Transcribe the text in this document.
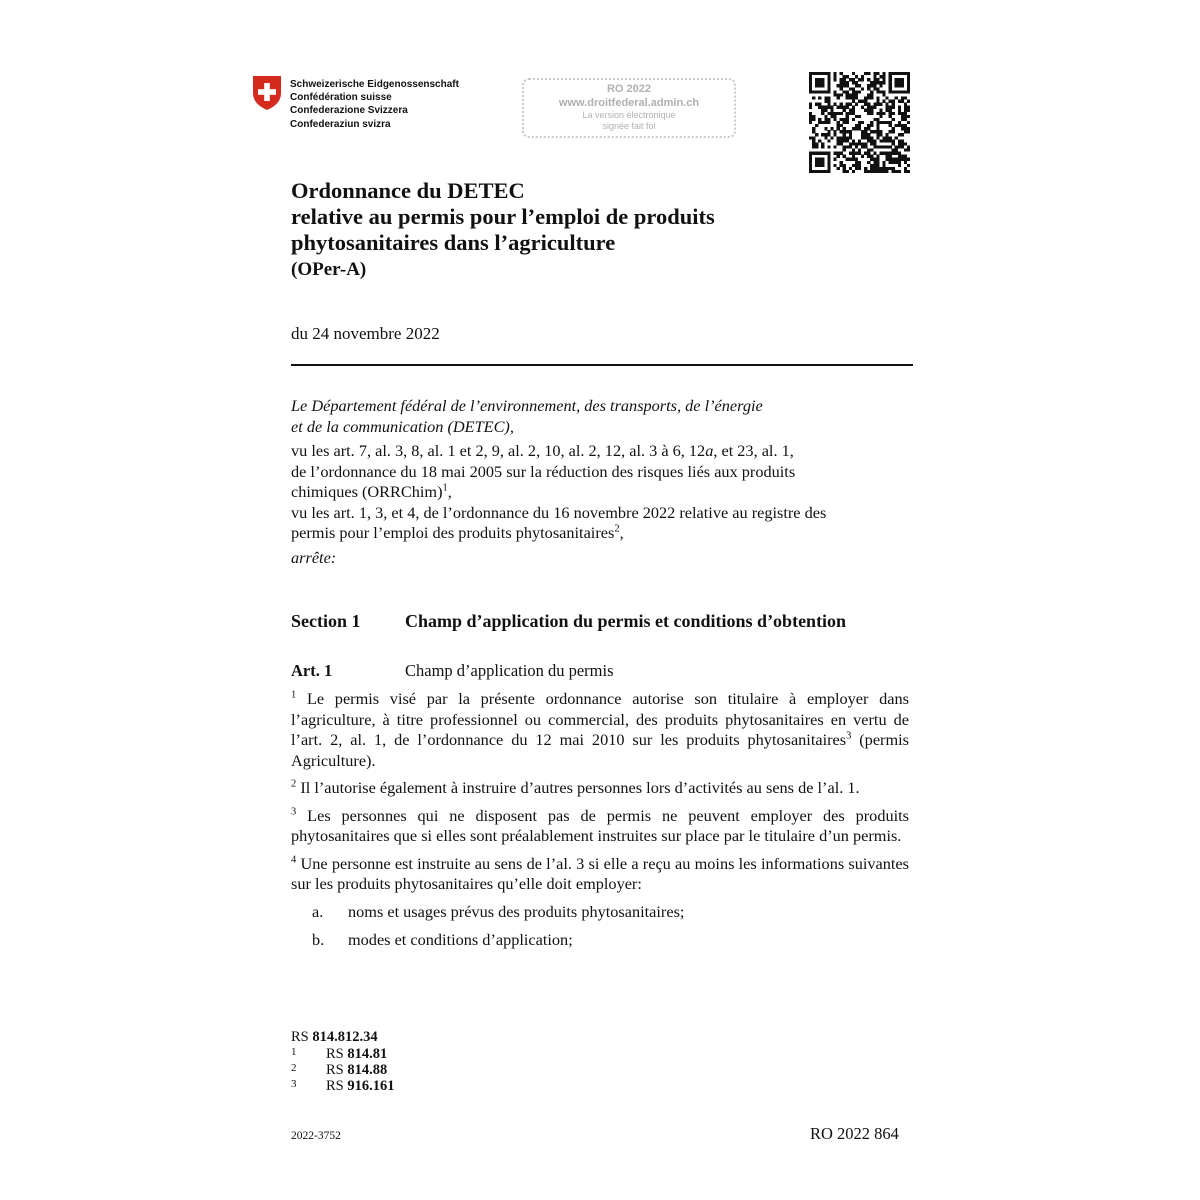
Schweizerische Eidgenossenschaft
Confédération suisse
Confederazione Svizzera
Confederaziun svizra
RO 2022
www.droitfederal.admin.ch
La version électronique
signée fait foi
Ordonnance du DETEC
relative au permis pour l’emploi de produits
phytosanitaires dans l’agriculture
(OPer-A)
du 24 novembre 2022

Le Département fédéral de l’environnement, des transports, de l’énergie
et de la communication (DETEC),

vu les art. 7, al. 3, 8, al. 1 et 2, 9, al. 2, 10, al. 2, 12, al. 3 à 6, 12a, et 23, al. 1,
de l’ordonnance du 18 mai 2005 sur la réduction des risques liés aux produits
chimiques (ORRChim)$^1$,
vu les art. 1, 3, et 4, de l’ordonnance du 16 novembre 2022 relative au registre des
permis pour l’emploi des produits phytosanitaires$^2$,

arrête:

Section 1 Champ d’application du permis et conditions d’obtention
Art. 1	Champ d’application du permis

$^1$ Le permis visé par la présente ordonnance autorise son titulaire à employer dans l’agriculture, à titre professionnel ou commercial, des produits phytosanitaires en vertu de l’art. 2, al. 1, de l’ordonnance du 12 mai 2010 sur les produits phytosanitaires$^3$ (permis Agriculture).

$^2$ Il l’autorise également à instruire d’autres personnes lors d’activités au sens de l’al. 1.

$^3$ Les personnes qui ne disposent pas de permis ne peuvent employer des produits phytosanitaires que si elles sont préalablement instruites sur place par le titulaire d’un permis.

$^4$ Une personne est instruite au sens de l’al. 3 si elle a reçu au moins les informations suivantes sur les produits phytosanitaires qu’elle doit employer:

a. noms et usages prévus des produits phytosanitaires;
b. modes et conditions d’application;
RS 814.812.34
1 RS 814.81
2 RS 814.88
3 RS 916.161
2022-3752	RO 2022 864
